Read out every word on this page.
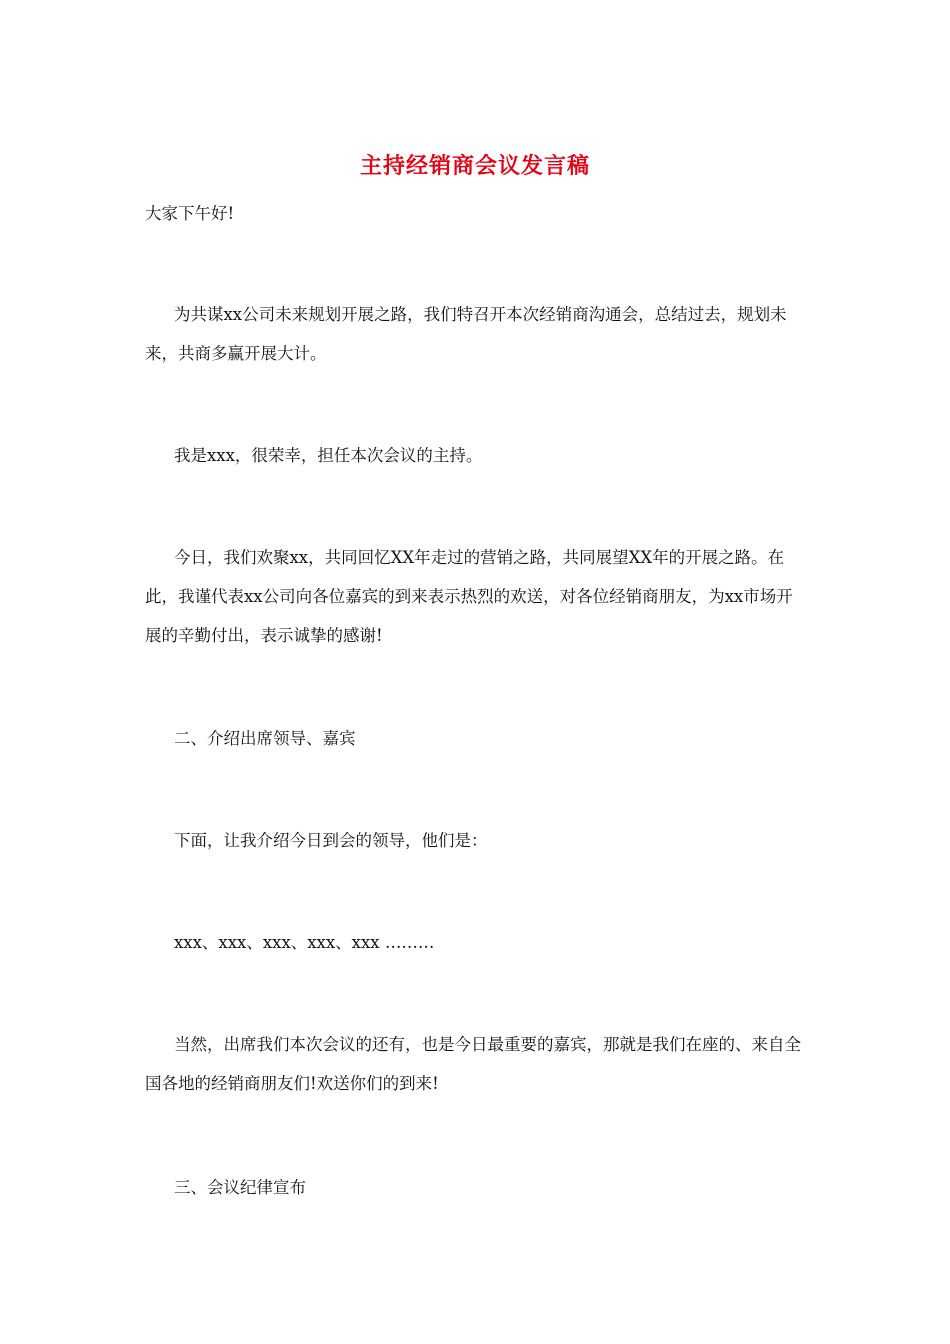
主持经销商会议发言稿
大家下午好!
为共谋xx公司未来规划开展之路，我们特召开本次经销商沟通会，总结过去，规划未来，共商多赢开展大计。
我是xxx，很荣幸，担任本次会议的主持。
今日，我们欢聚xx，共同回忆XX年走过的营销之路，共同展望XX年的开展之路。在此，我谨代表xx公司向各位嘉宾的到来表示热烈的欢送，对各位经销商朋友，为xx市场开展的辛勤付出，表示诚挚的感谢!
二、介绍出席领导、嘉宾
下面，让我介绍今日到会的领导，他们是：
xxx、xxx、xxx、xxx、xxx ………
当然，出席我们本次会议的还有，也是今日最重要的嘉宾，那就是我们在座的、来自全国各地的经销商朋友们!欢送你们的到来!
三、会议纪律宣布
